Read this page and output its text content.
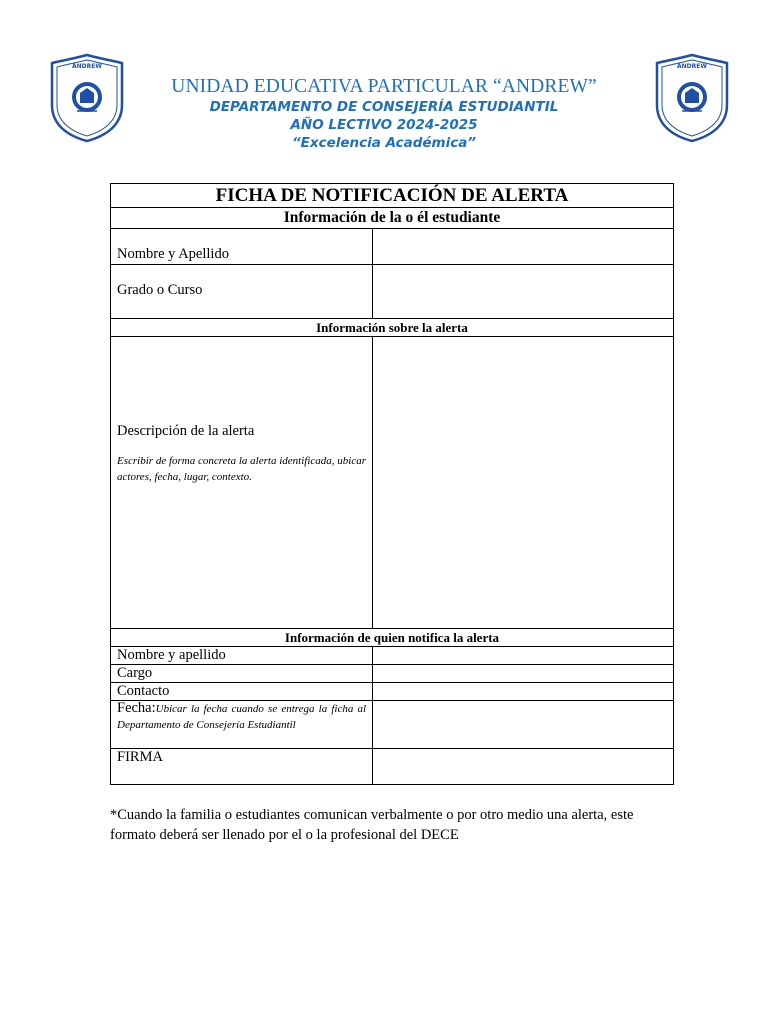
ANDREW	ANDREW
UNIDAD EDUCATIVA PARTICULAR “ANDREW”
DEPARTAMENTO DE CONSEJERÍA ESTUDIANTIL
AÑO LECTIVO 2024-2025
“Excelencia Académica”
FICHA DE NOTIFICACIÓN DE ALERTA	
Información de la o él estudiante	
Nombre y Apellido	
Grado o Curso	
Información sobre la alerta	

Descripción de la alerta
Escribir de forma concreta la alerta identificada, ubicar actores, fecha, lugar, contexto.	

Información de quien notifica la alerta	
Nombre y apellido	
Cargo	
Contacto	
Fecha:Ubicar la fecha cuando se entrega la ficha al Departamento de Consejería Estudiantil	
FIRMA	
*Cuando la familia o estudiantes comunican verbalmente o por otro medio una alerta, este formato deberá ser llenado por el o la profesional del DECE
